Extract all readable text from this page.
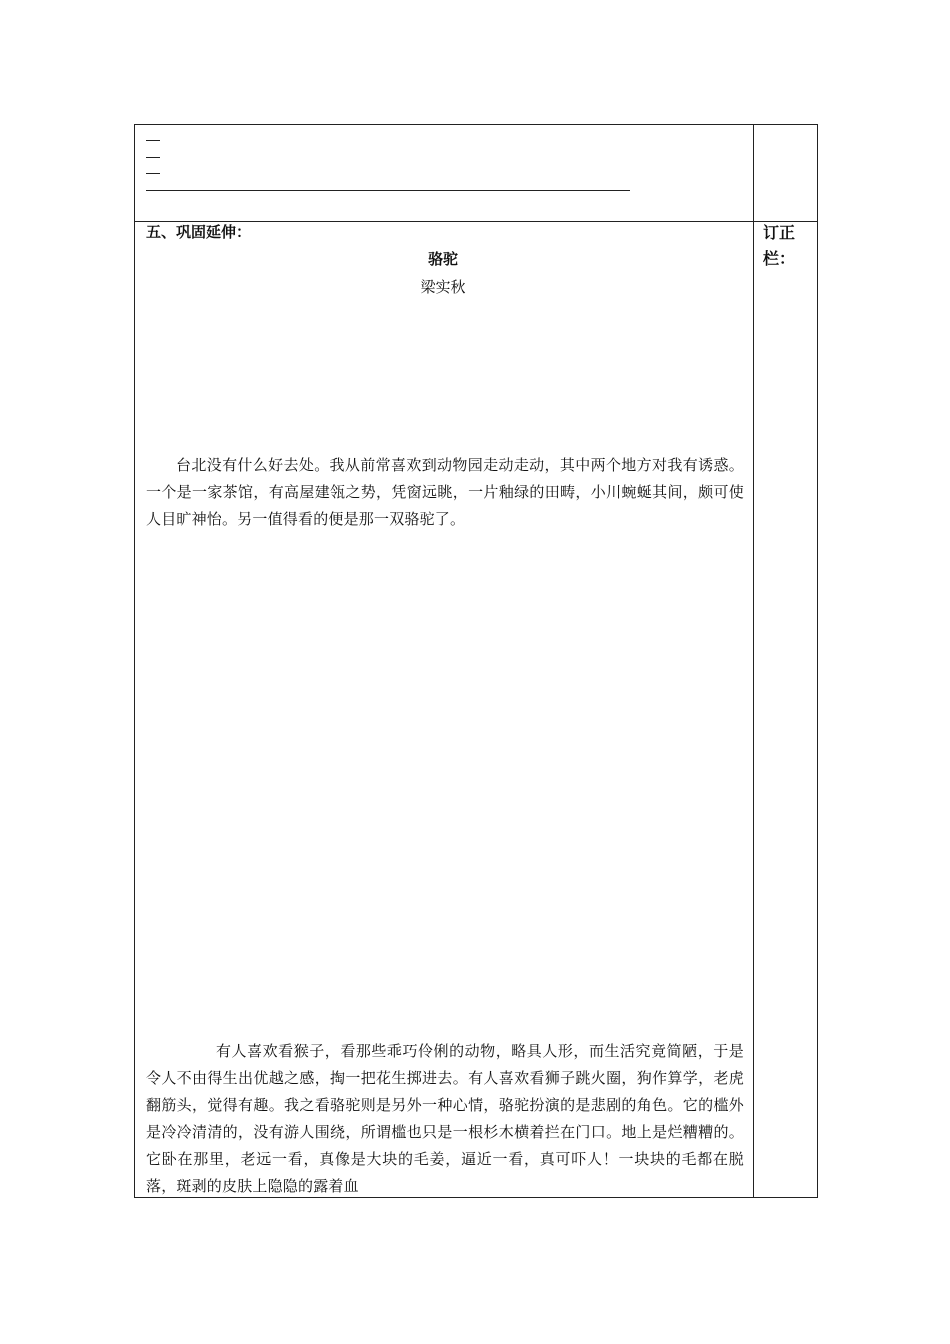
五、巩固延伸：	订正栏：
骆驼
梁实秋

台北没有什么好去处。我从前常喜欢到动物园走动走动，其中两个地方对我有诱惑。一个是一家茶馆，有高屋建瓴之势，凭窗远眺，一片釉绿的田畴，小川蜿蜒其间，颇可使人目旷神怡。另一值得看的便是那一双骆驼了。

有人喜欢看猴子，看那些乖巧伶俐的动物，略具人形，而生活究竟简陋，于是令人不由得生出优越之感，掏一把花生掷进去。有人喜欢看狮子跳火圈，狗作算学，老虎翻筋头，觉得有趣。我之看骆驼则是另外一种心情，骆驼扮演的是悲剧的角色。它的槛外是冷冷清清的，没有游人围绕，所谓槛也只是一根杉木横着拦在门口。地上是烂糟糟的。它卧在那里，老远一看，真像是大块的毛姜，逼近一看，真可吓人！一块块的毛都在脱落，斑剥的皮肤上隐隐的露着血
